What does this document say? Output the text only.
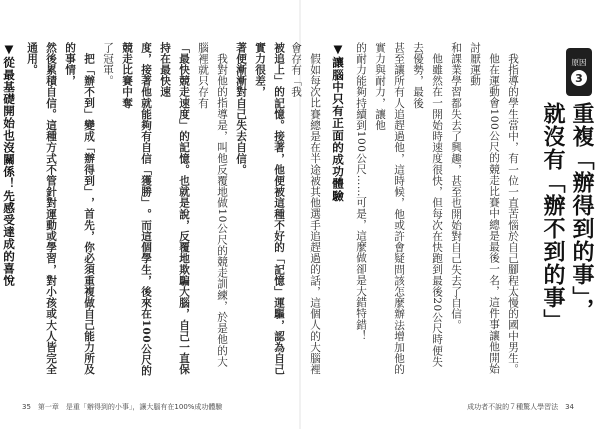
被追上」的記憶。接著，他便被這種不好的「記憶」運驅，認為自己實力很差，

著便漸漸對自己失去自信。

我對他的指導是，叫他反覆地做10公尺的競走訓練，於是他的大腦裡就只存有

「最快競走速度」的記憶。也就是說，反覆地欺騙大腦，自己一直保持在最快速

度，接著他就能夠有自信「獲勝」。而這個學生，後來在100公尺的競走比賽中奪

了冠軍。

把「辦不到」變成「辦得到」，首先，你必須重複做自己能力所及的事情，

然後累積自信。這種方式不管針對運動或學習，對小孩或大人皆完全通用。

▼從最基礎開始也沒關係！先感受達成的喜悅

35　第一章　是重「辦得到的小事」，讓大腦有在100%成功體驗

我指導的學生當中，有一位一直苦惱於自己腳程太慢的國中男生。

他在運動會100公尺的競走比賽中總是最後一名，這件事讓他開始討厭運動

和課業學習都失去了興趣，甚至也開始對自己失去了自信。

他雖然在一開始時速度很快，但每次在快跑到最後20公尺時便失去優勢，最後

甚至讓所有人追趕過他，這時候，他或許會疑問該怎麼辦法增加他的實力與耐力，讓他

的耐力能夠持續到100公尺……可是，這麼做卻是大錯特錯！

▼讓腦中只有正面的成功體驗

假如每次比賽總是在半途被其他選手追趕過的話，這個人的大腦裡會存有「我	原因
3
重複「辦得到的事」，
就沒有「辦不到的事」
成功者不說的７種驚人學習法　34
